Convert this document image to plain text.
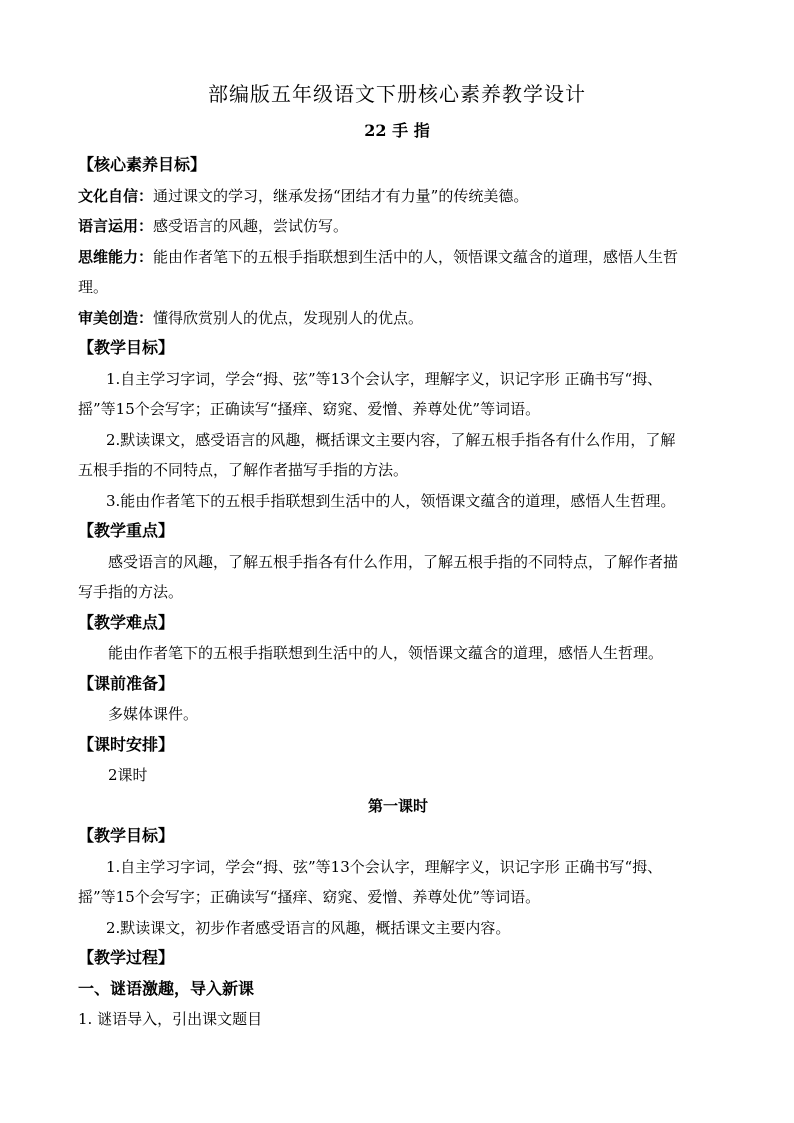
部编版五年级语文下册核心素养教学设计
22 手 指
【核心素养目标】
文化自信：通过课文的学习，继承发扬“团结才有力量”的传统美德。
语言运用：感受语言的风趣，尝试仿写。
思维能力：能由作者笔下的五根手指联想到生活中的人，领悟课文蕴含的道理，感悟人生哲
理。
审美创造：懂得欣赏别人的优点，发现别人的优点。
【教学目标】
1.自主学习字词，学会“拇、弦”等13个会认字，理解字义，识记字形 正确书写“拇、
摇”等15个会写字；正确读写“搔痒、窈窕、爱憎、养尊处优”等词语。
2.默读课文，感受语言的风趣，概括课文主要内容，了解五根手指各有什么作用，了解
五根手指的不同特点，了解作者描写手指的方法。
3.能由作者笔下的五根手指联想到生活中的人，领悟课文蕴含的道理，感悟人生哲理。
【教学重点】
感受语言的风趣，了解五根手指各有什么作用，了解五根手指的不同特点，了解作者描
写手指的方法。
【教学难点】
能由作者笔下的五根手指联想到生活中的人，领悟课文蕴含的道理，感悟人生哲理。
【课前准备】
多媒体课件。
【课时安排】
2课时
第一课时
【教学目标】
1.自主学习字词，学会“拇、弦”等13个会认字，理解字义，识记字形 正确书写“拇、
摇”等15个会写字；正确读写“搔痒、窈窕、爱憎、养尊处优”等词语。
2.默读课文，初步作者感受语言的风趣，概括课文主要内容。
【教学过程】
一、谜语激趣，导入新课
1. 谜语导入，引出课文题目
